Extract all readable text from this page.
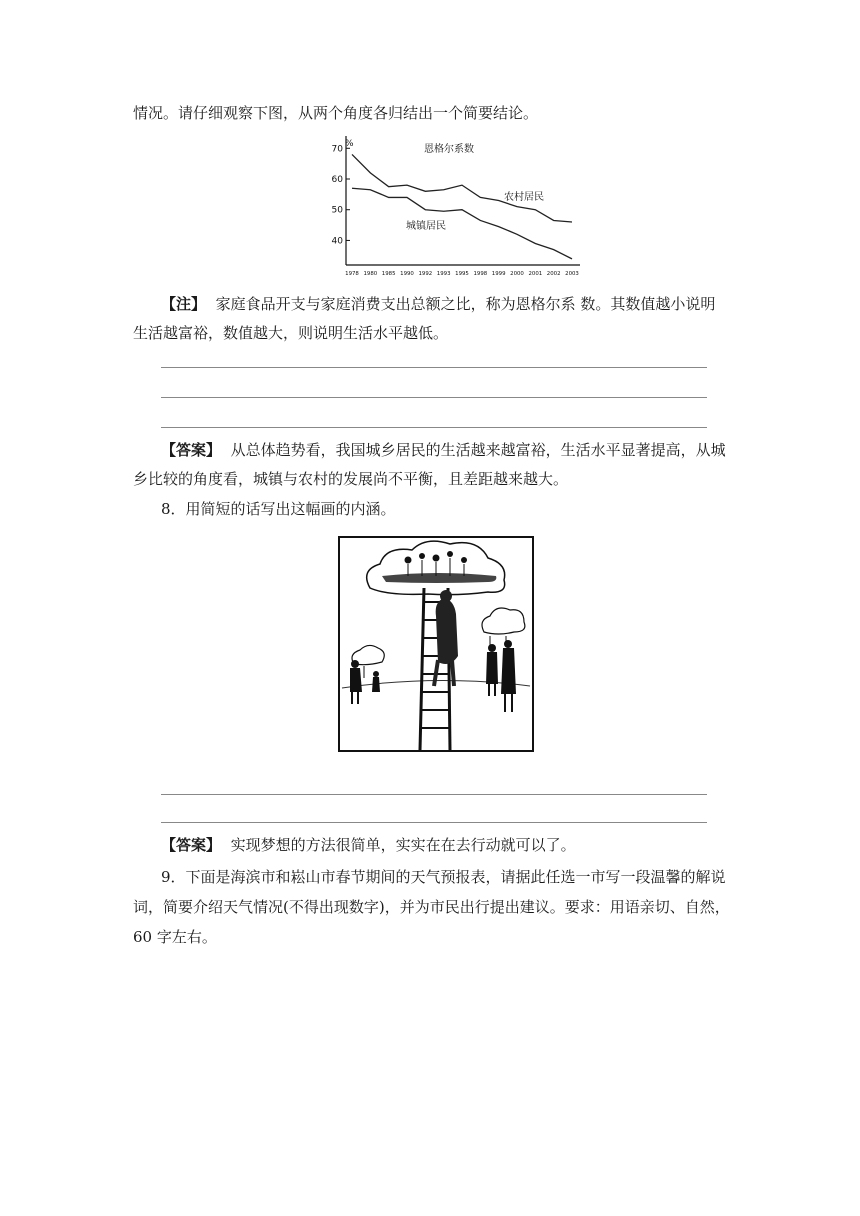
情况。请仔细观察下图，从两个角度各归结出一个简要结论。
%	恩格尔系数
农村居民
城镇居民
40
50
60
70
1978 1980 1985 1990 1992 1993 1995 1998 1999 2000 2001 2002 2003
【注】 家庭食品开支与家庭消费支出总额之比，称为恩格尔系 数。其数值越小说明
生活越富裕，数值越大，则说明生活水平越低。
【答案】 从总体趋势看，我国城乡居民的生活越来越富裕，生活水平显著提高，从城
乡比较的角度看，城镇与农村的发展尚不平衡，且差距越来越大。
8．用简短的话写出这幅画的内涵。
【答案】 实现梦想的方法很简单，实实在在去行动就可以了。
9．下面是海滨市和崧山市春节期间的天气预报表，请据此任选一市写一段温馨的解说
词，简要介绍天气情况(不得出现数字)，并为市民出行提出建议。要求：用语亲切、自然，
60 字左右。
